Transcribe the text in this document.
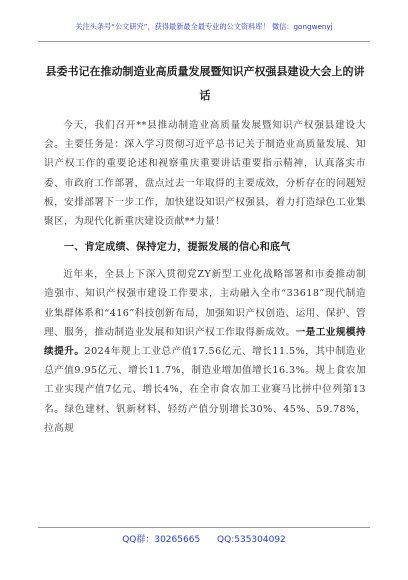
关注头条号“公文研究”，获得最新最全最专业的公文资料库！ 微信：gongwenyj
县委书记在推动制造业高质量发展暨知识产权强县建设大会上的讲话

今天，我们召开**县推动制造业高质量发展暨知识产权强县建设大会。主要任务是：深入学习贯彻习近平总书记关于制造业高质量发展、知识产权工作的重要论述和视察重庆重要讲话重要指示精神，认真落实市委、市政府工作部署，盘点过去一年取得的主要成效，分析存在的问题短板，安排部署下一步工作，加快建设知识产权强县，着力打造绿色工业集聚区，为现代化新重庆建设贡献**力量！

一、肯定成绩、保持定力，提振发展的信心和底气

近年来，全县上下深入贯彻党ZY新型工业化战略部署和市委推动制造强市、知识产权强市建设工作要求，主动融入全市“33618”现代制造业集群体系和“416”科技创新布局，加强知识产权创造、运用、保护、管理、服务，推动制造业发展和知识产权工作取得新成效。一是工业规模持续提升。2024年规上工业总产值17.56亿元、增长11.5%，其中制造业总产值9.95亿元、增长11.7%，制造业增加值增长16.3%。规上食农加工业实现产值7亿元、增长4%，在全市食农加工业赛马比拼中位列第13名。绿色建材、钒新材料、轻纺产值分别增长30%、45%、59.78%，拉高规

QQ群：30265665 QQ:535304092
